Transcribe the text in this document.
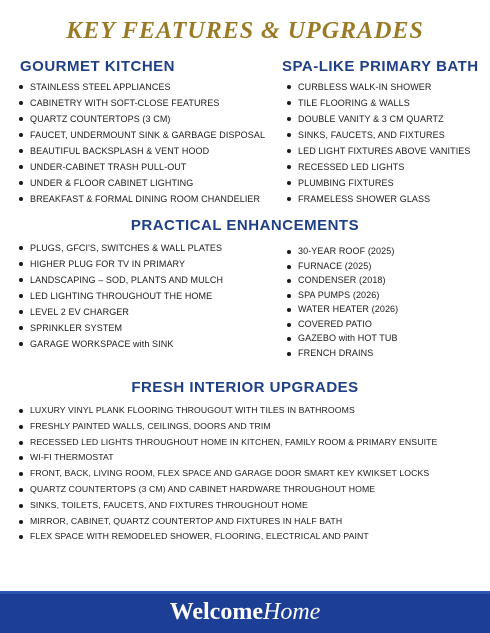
KEY FEATURES & UPGRADES
GOURMET KITCHEN
STAINLESS STEEL APPLIANCES
CABINETRY WITH SOFT-CLOSE FEATURES
QUARTZ COUNTERTOPS (3 CM)
FAUCET, UNDERMOUNT SINK & GARBAGE DISPOSAL
BEAUTIFUL BACKSPLASH & VENT HOOD
UNDER-CABINET TRASH PULL-OUT
UNDER & FLOOR CABINET LIGHTING
BREAKFAST & FORMAL DINING ROOM CHANDELIER
SPA-LIKE PRIMARY BATH
CURBLESS WALK-IN SHOWER
TILE FLOORING & WALLS
DOUBLE VANITY & 3 CM QUARTZ
SINKS, FAUCETS, AND FIXTURES
LED LIGHT FIXTURES ABOVE VANITIES
RECESSED LED LIGHTS
PLUMBING FIXTURES
FRAMELESS SHOWER GLASS
PRACTICAL ENHANCEMENTS
PLUGS, GFCI'S, SWITCHES & WALL PLATES
HIGHER PLUG FOR TV IN PRIMARY
LANDSCAPING – SOD, PLANTS AND MULCH
LED LIGHTING THROUGHOUT THE HOME
LEVEL 2 EV CHARGER
SPRINKLER SYSTEM
GARAGE WORKSPACE with SINK
30-YEAR ROOF (2025)
FURNACE (2025)
CONDENSER (2018)
SPA PUMPS (2026)
WATER HEATER (2026)
COVERED PATIO
GAZEBO with HOT TUB
FRENCH DRAINS
FRESH INTERIOR UPGRADES
LUXURY VINYL PLANK FLOORING THROUGOUT WITH TILES IN BATHROOMS
FRESHLY PAINTED WALLS, CEILINGS, DOORS AND TRIM
RECESSED LED LIGHTS THROUGHOUT HOME IN KITCHEN, FAMILY ROOM & PRIMARY ENSUITE
WI-FI THERMOSTAT
FRONT, BACK, LIVING ROOM, FLEX SPACE AND GARAGE DOOR SMART KEY KWIKSET LOCKS
QUARTZ COUNTERTOPS (3 CM) AND CABINET HARDWARE THROUGHOUT HOME
SINKS, TOILETS, FAUCETS, AND FIXTURES THROUGHOUT HOME
MIRROR, CABINET, QUARTZ COUNTERTOP AND FIXTURES IN HALF BATH
FLEX SPACE WITH REMODELED SHOWER, FLOORING, ELECTRICAL AND PAINT
WelcomeHome
